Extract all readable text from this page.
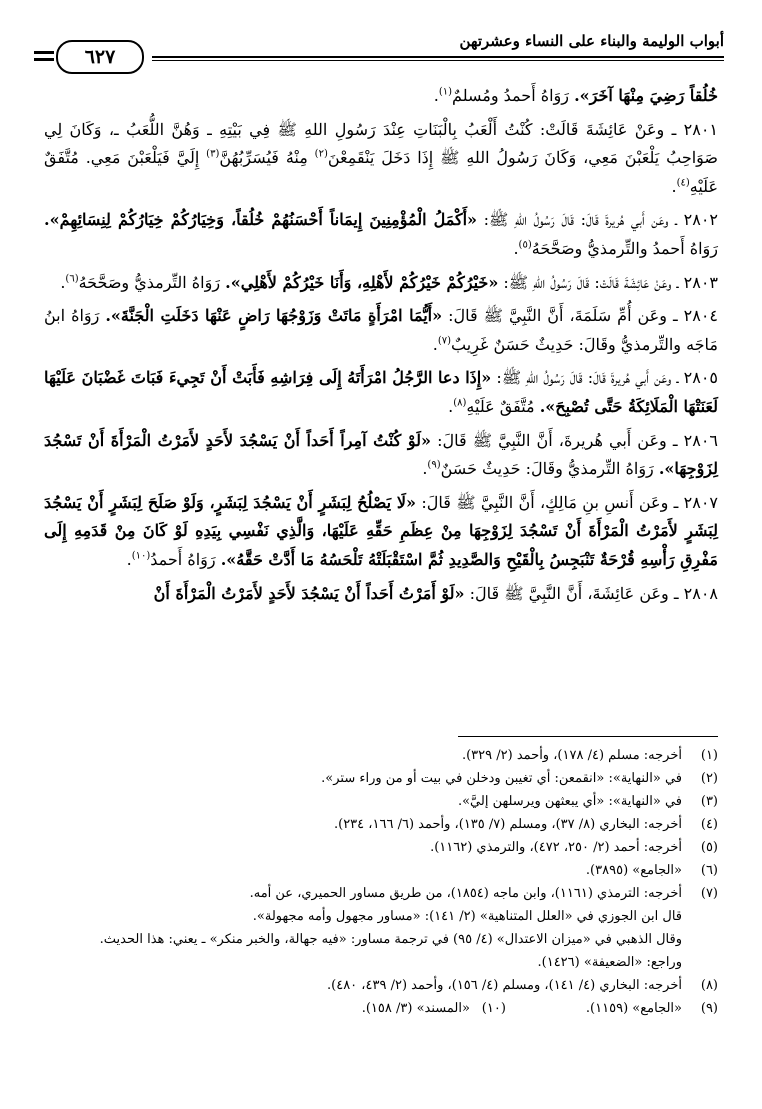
أبواب الوليمة والبناء على النساء وعشرتهن
٦٢٧

خُلُقاً رَضِيَ مِنْهَا آخَرَ». رَوَاهُ أَحمدُ ومُسلمٌ$^{(١)}$.

٢٨٠١ ـ وعَنْ عَائِشَةَ قَالَتْ: كُنْتُ أَلْعَبُ بِالْبَنَاتِ عِنْدَ رَسُولِ اللهِ ﷺ فِي بَيْتِهِ ـ وَهُنَّ اللُّعَبُ ـ، وَكَانَ لِي صَوَاحِبُ يَلْعَبْنَ مَعِي، وَكَانَ رَسُولُ اللهِ ﷺ إِذَا دَخَلَ يَنْقَمِعْنَ$^{(٢)}$ مِنْهُ فَيُسَرِّبُهُنَّ$^{(٣)}$ إِلَيَّ فَيَلْعَبْنَ مَعِي. مُتَّفَقٌ عَلَيْهِ$^{(٤)}$.

٢٨٠٢ ـ وعَن أَبي هُريرةَ قَالَ: قَالَ رَسُولُ اللهِ ﷺ: «أَكْمَلُ الْمُؤْمِنِينَ إِيمَاناً أَحْسَنُهُمْ خُلُقاً، وَخِيَارُكُمْ خِيَارُكُمْ لِنِسَائِهِمْ». رَوَاهُ أَحمدُ والتِّرمذيُّ وصَحَّحَهُ$^{(٥)}$.

٢٨٠٣ ـ وعَنْ عَائِشَةَ قَالَتْ: قَالَ رَسُولُ اللهِ ﷺ: «خَيْرُكُمْ خَيْرُكُمْ لأَهْلِهِ، وَأَنَا خَيْرُكُمْ لأَهْلِي». رَوَاهُ التِّرمذيُّ وصَحَّحَهُ$^{(٦)}$.

٢٨٠٤ ـ وعَن أُمِّ سَلَمَةَ، أَنَّ النَّبِيَّ ﷺ قَالَ: «أَيُّمَا امْرَأَةٍ مَاتَتْ وَزَوْجُهَا رَاضٍ عَنْهَا دَخَلَتِ الْجَنَّةَ». رَوَاهُ ابنُ مَاجَه والتِّرمذيُّ وقَالَ: حَدِيثٌ حَسَنٌ غَرِيبٌ$^{(٧)}$.

٢٨٠٥ ـ وعَن أَبي هُريرةَ قَالَ: قَالَ رَسُولُ اللهِ ﷺ: «إِذَا دعا الرَّجُلُ امْرَأَتَهُ إِلَى فِرَاشِهِ فَأَبَتْ أَنْ تَجِيءَ فَبَاتَ غَضْبَانَ عَلَيْهَا لَعَنَتْهَا الْمَلَائِكَةُ حَتَّى تُصْبِحَ». مُتَّفَقٌ عَلَيْهِ$^{(٨)}$.

٢٨٠٦ ـ وعَن أَبي هُريرةَ، أَنَّ النَّبِيَّ ﷺ قَالَ: «لَوْ كُنْتُ آمِراً أَحَداً أَنْ يَسْجُدَ لأَحَدٍ لأَمَرْتُ الْمَرْأَةَ أَنْ تَسْجُدَ لِزَوْجِهَا». رَوَاهُ التِّرمذيُّ وقَالَ: حَدِيثٌ حَسَنٌ$^{(٩)}$.

٢٨٠٧ ـ وعَن أَنسِ بنِ مَالِكٍ، أَنَّ النَّبِيَّ ﷺ قَالَ: «لَا يَصْلُحُ لِبَشَرٍ أَنْ يَسْجُدَ لِبَشَرٍ، وَلَوْ صَلَحَ لِبَشَرٍ أَنْ يَسْجُدَ لِبَشَرٍ لأَمَرْتُ الْمَرْأَةَ أَنْ تَسْجُدَ لِزَوْجِهَا مِنْ عِظَمِ حَقِّهِ عَلَيْهَا، وَالَّذِي نَفْسِي بِيَدِهِ لَوْ كَانَ مِنْ قَدَمِهِ إِلَى مَفْرِقِ رَأْسِهِ قُرْحَةٌ تَنْبَجِسُ بِالْقَيْحِ وَالصَّدِيدِ ثُمَّ اسْتَقْبَلَتْهُ تَلْحَسُهُ مَا أَدَّتْ حَقَّهُ». رَوَاهُ أَحمدُ$^{(١٠)}$.

٢٨٠٨ ـ وعَن عَائِشَةَ، أَنَّ النَّبِيَّ ﷺ قَالَ: «لَوْ أَمَرْتُ أَحَداً أَنْ يَسْجُدَ لأَحَدٍ لأَمَرْتُ الْمَرْأَةَ أَنْ

(١)
أخرجه: مسلم (٤/ ١٧٨)، وأحمد (٢/ ٣٢٩).
(٢)
في «النهاية»: «انقمعن: أي تغيبن ودخلن في بيت أو من وراء ستر».
(٣)
في «النهاية»: «أي يبعثهن ويرسلهن إليَّ».
(٤)
أخرجه: البخاري (٨/ ٣٧)، ومسلم (٧/ ١٣٥)، وأحمد (٦/ ١٦٦، ٢٣٤).
(٥)
أخرجه: أحمد (٢/ ٢٥٠، ٤٧٢)، والترمذي (١١٦٢).
(٦)
«الجامع» (٣٨٩٥).
(٧)
أخرجه: الترمذي (١١٦١)، وابن ماجه (١٨٥٤)، من طريق مساور الحميري، عن أمه.
قال ابن الجوزي في «العلل المتناهية» (٢/ ١٤١): «مساور مجهول وأمه مجهولة».
وقال الذهبي في «ميزان الاعتدال» (٤/ ٩٥) في ترجمة مساور: «فيه جهالة، والخبر منكر» ـ يعني: هذا الحديث.
وراجع: «الضعيفة» (١٤٢٦).
(٨)
أخرجه: البخاري (٤/ ١٤١)، ومسلم (٤/ ١٥٦)، وأحمد (٢/ ٤٣٩، ٤٨٠).
(٩)
«الجامع» (١١٥٩).
(١٠)
«المسند» (٣/ ١٥٨).
